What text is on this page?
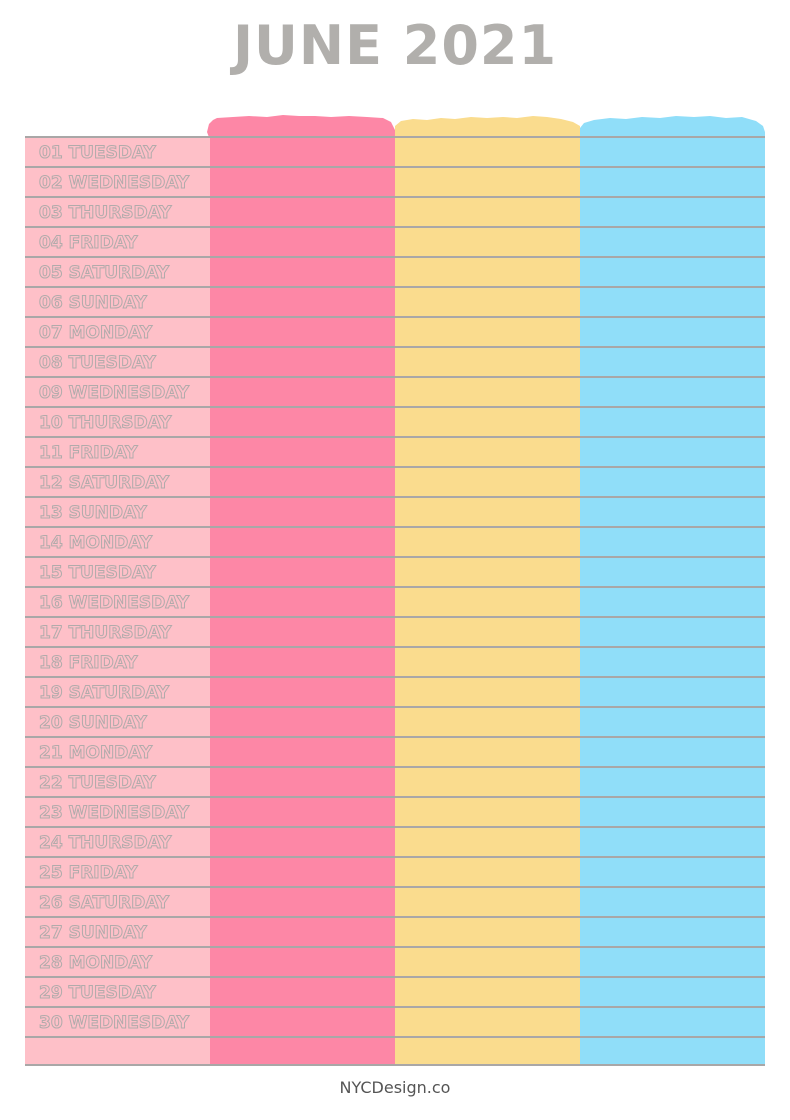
JUNE 2021
01 TUESDAY
02 WEDNESDAY
03 THURSDAY
04 FRIDAY
05 SATURDAY
06 SUNDAY
07 MONDAY
08 TUESDAY
09 WEDNESDAY
10 THURSDAY
11 FRIDAY
12 SATURDAY
13 SUNDAY
14 MONDAY
15 TUESDAY
16 WEDNESDAY
17 THURSDAY
18 FRIDAY
19 SATURDAY
20 SUNDAY
21 MONDAY
22 TUESDAY
23 WEDNESDAY
24 THURSDAY
25 FRIDAY
26 SATURDAY
27 SUNDAY
28 MONDAY
29 TUESDAY
30 WEDNESDAY
NYCDesign.co
